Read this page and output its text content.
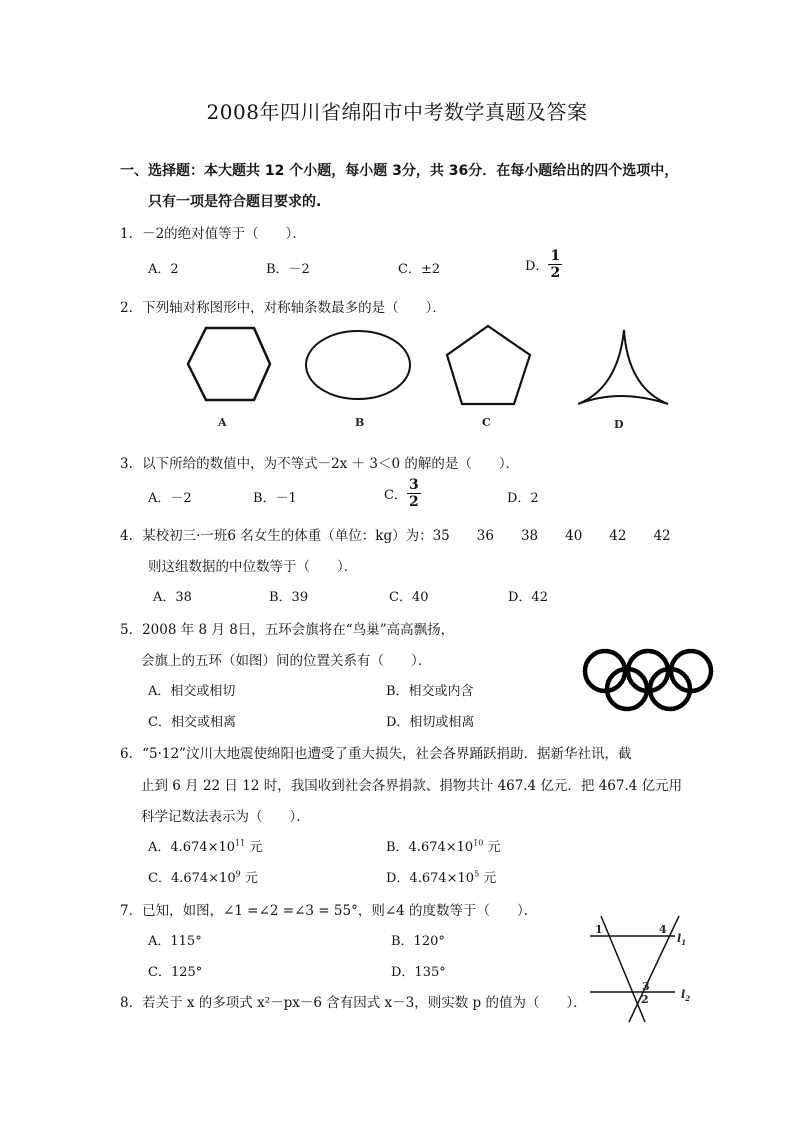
2008年四川省绵阳市中考数学真题及答案
一、选择题：本大题共 12 个小题，每小题 3分，共 36分．在每小题给出的四个选项中，
只有一项是符合题目要求的.
1．－2的绝对值等于（　　）．
A．2	B．－2	C．±2	D． $\frac{1}{2}$
2．下列轴对称图形中，对称轴条数最多的是（　　）．
A	B	C	D
3．以下所给的数值中，为不等式－2x ＋ 3＜0 的解的是（　　）．
A．－2	B．－1	C． $\frac{3}{2}$	D．2
4．某校初三·一班6 名女生的体重（单位：kg）为：35　　36　　38　　40　　42　　42
则这组数据的中位数等于（　　）．
A．38	B．39	C．40	D．42
5．2008 年 8 月 8日，五环会旗将在“鸟巢”高高飘扬，
会旗上的五环（如图）间的位置关系有（　　）．
A．相交或相切	B．相交或内含
C．相交或相离	D．相切或相离
6．“5·12”汶川大地震使绵阳也遭受了重大损失，社会各界踊跃捐助．据新华社讯，截
止到 6 月 22 日 12 时，我国收到社会各界捐款、捐物共计 467.4 亿元．把 467.4 亿元用
科学记数法表示为（　　）．
A．$4.674\times 10^{11}$ 元	B．$4.674\times 10^{10}$ 元
C．$4.674\times 10^9$ 元	D．$4.674\times 10^5$ 元
7．已知，如图，∠1 =∠2 =∠3 = 55°，则∠4 的度数等于（　　）．
A．115°	B．120°
C．125°	D．135°
1	4
$l_1$
3
2	$l_2$
8．若关于 x 的多项式 x²－px－6 含有因式 x－3，则实数 p 的值为（　　）．
